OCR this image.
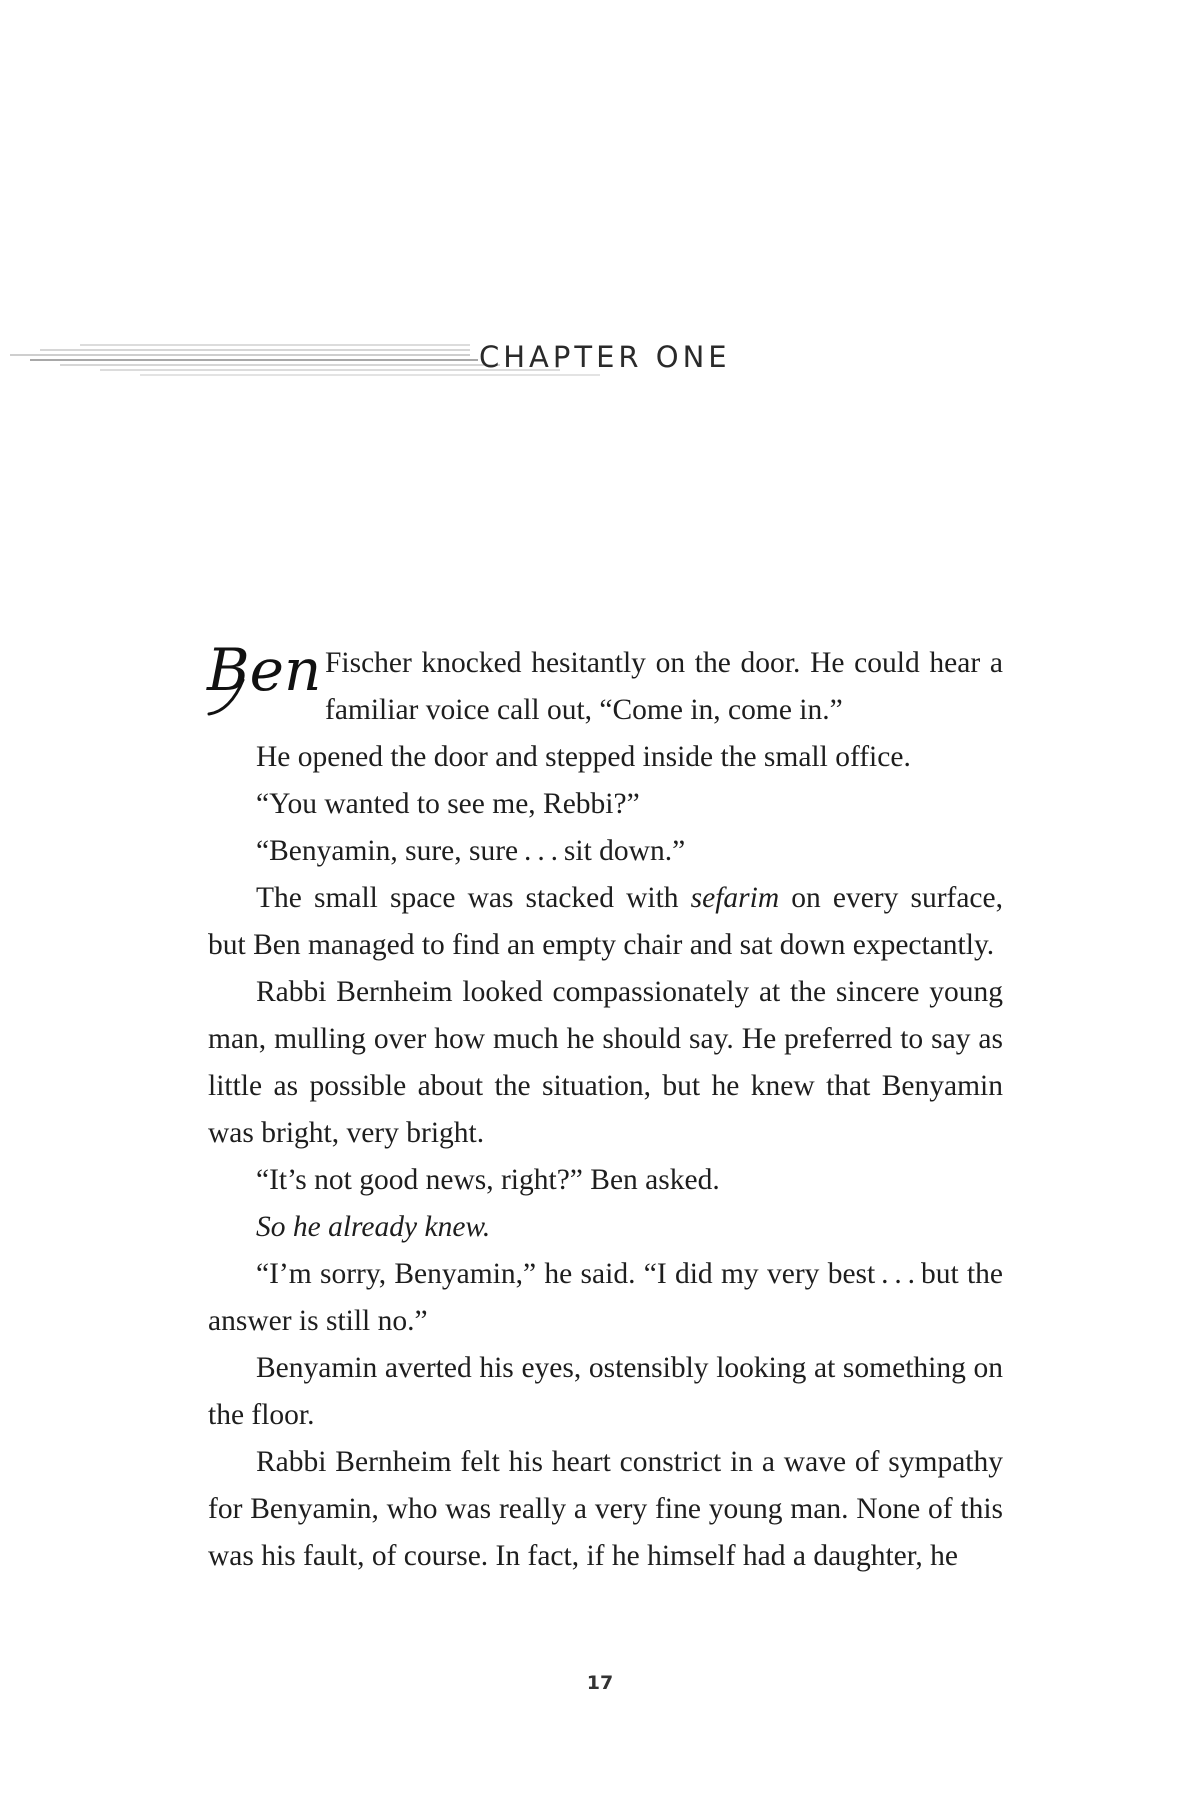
CHAPTER ONE

Ben Fischer knocked hesitantly on the door. He could hear a familiar voice call out, “Come in, come in.”

He opened the door and stepped inside the small office.

“You wanted to see me, Rebbi?”

“Benyamin, sure, sure . . . sit down.”

The small space was stacked with sefarim on every surface, but Ben managed to find an empty chair and sat down expectantly.

Rabbi Bernheim looked compassionately at the sincere young man, mulling over how much he should say. He preferred to say as little as possible about the situation, but he knew that Benyamin was bright, very bright.

“It’s not good news, right?” Ben asked.

So he already knew.

“I’m sorry, Benyamin,” he said. “I did my very best . . . but the answer is still no.”

Benyamin averted his eyes, ostensibly looking at something on the floor.

Rabbi Bernheim felt his heart constrict in a wave of sympathy for Benyamin, who was really a very fine young man. None of this was his fault, of course. In fact, if he himself had a daughter, he

17
